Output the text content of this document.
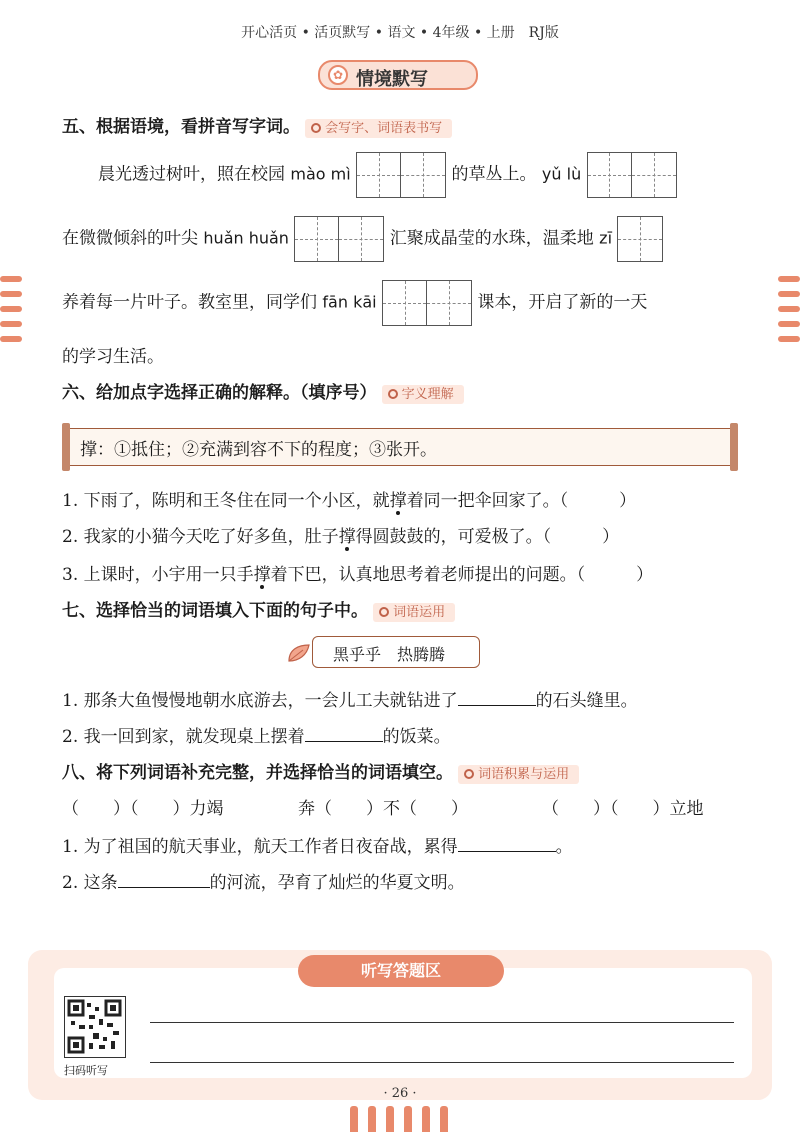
开心活页 • 活页默写 • 语文 • 4年级 • 上册　RJ版
✿ 情境默写
五、根据语境，看拼音写字词。 会写字、词语表书写
晨光透过树叶，照在校园 mào mì	的草丛上。 yǔ lù
在微微倾斜的叶尖 huǎn huǎn	汇聚成晶莹的水珠，温柔地 zī
养着每一片叶子。教室里，同学们 fān kāi	课本，开启了新的一天
的学习生活。
六、给加点字选择正确的解释。（填序号） 字义理解
撑：①抵住；②充满到容不下的程度；③张开。
1. 下雨了，陈明和王冬住在同一个小区，就撑着同一把伞回家了。（　　　）
2. 我家的小猫今天吃了好多鱼，肚子撑得圆鼓鼓的，可爱极了。（　　　）
3. 上课时，小宇用一只手撑着下巴，认真地思考着老师提出的问题。（　　　）
七、选择恰当的词语填入下面的句子中。 词语运用
黑乎乎　热腾腾
1. 那条大鱼慢慢地朝水底游去，一会儿工夫就钻进了	的石头缝里。
2. 我一回到家，就发现桌上摆着	的饭菜。
八、将下列词语补充完整，并选择恰当的词语填空。 词语积累与运用
（　　）（　　）力竭	奔（　　）不（　　）	（　　）（　　）立地
1. 为了祖国的航天事业，航天工作者日夜奋战，累得	。
2. 这条	的河流，孕育了灿烂的华夏文明。
听写答题区
扫码听写
· 26 ·
